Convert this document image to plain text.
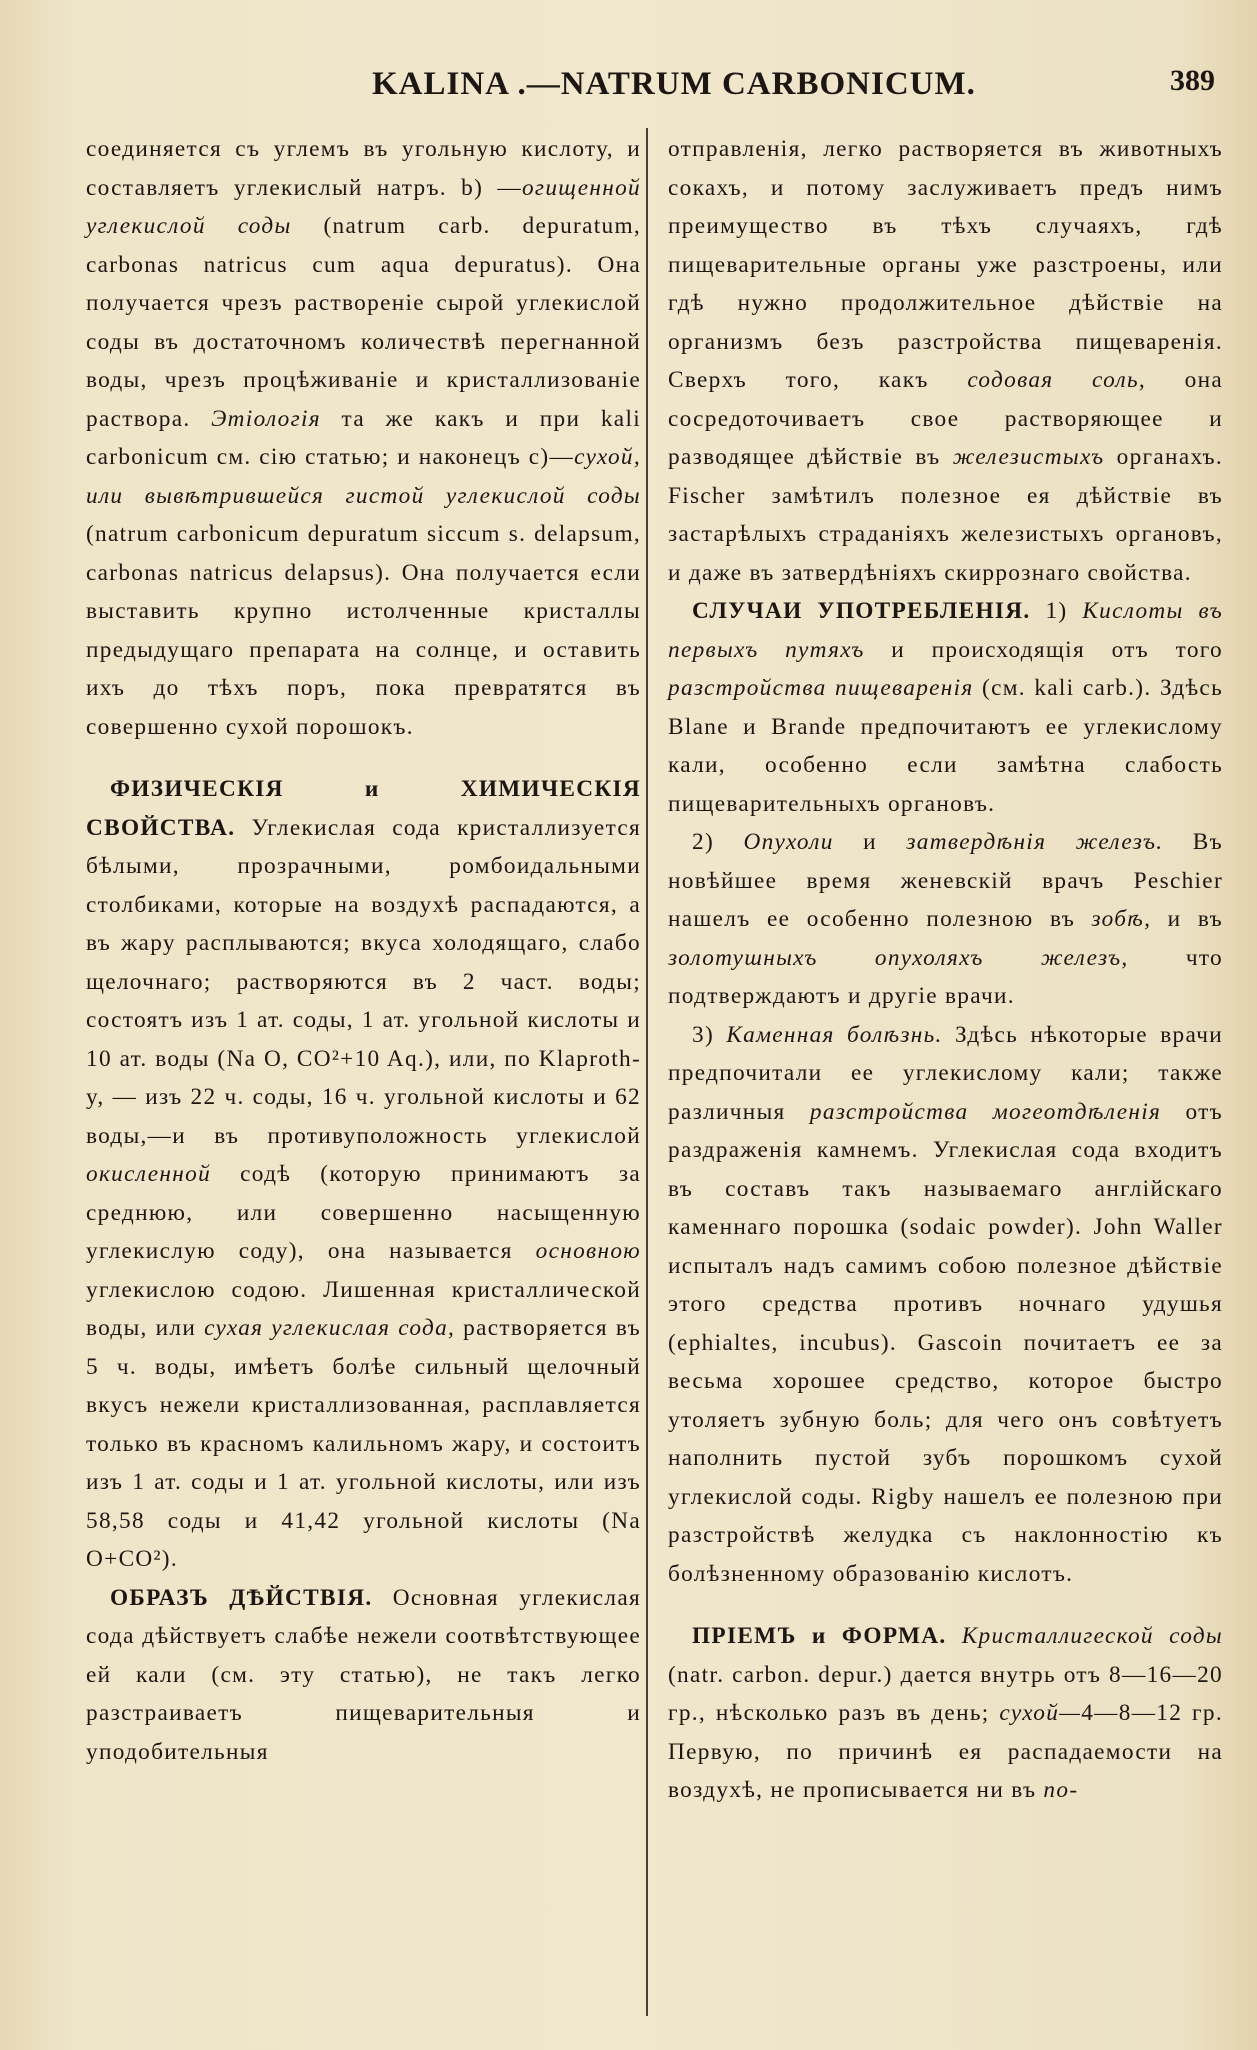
KALINA .—NATRUM CARBONICUM.	389

соединяется съ углемъ въ угольную кислоту, и составляетъ углекислый натръ. b) —огищенной углекислой соды (natrum carb. depuratum, carbonas natricus cum aqua depuratus). Она получается чрезъ раствореніе сырой углекислой соды въ достаточномъ количествѣ перегнанной воды, чрезъ процѣживаніе и кристаллизованіе раствора. Этіологія та же какъ и при kali carbonicum см. сію статью; и наконецъ с)—сухой, или вывѣтрившейся гистой углекислой соды (natrum carbonicum depuratum siccum s. delapsum, carbonas natricus delapsus). Она получается если выставить крупно истолченные кристаллы предыдущаго препарата на солнце, и оставить ихъ до тѣхъ поръ, пока превратятся въ совершенно сухой порошокъ.

ФИЗИЧЕСКІЯ и ХИМИЧЕСКІЯ СВОЙСТВА. Углекислая сода кристаллизуется бѣлыми, прозрачными, ромбоидальными столбиками, которые на воздухѣ распадаются, а въ жару расплываются; вкуса холодящаго, слабо щелочнаго; растворяются въ 2 част. воды; состоятъ изъ 1 ат. соды, 1 ат. угольной кислоты и 10 ат. воды (Na O, CO²+10 Aq.), или, по Klaproth-y, — изъ 22 ч. соды, 16 ч. угольной кислоты и 62 воды,—и въ противуположность углекислой окисленной содѣ (которую принимаютъ за среднюю, или совершенно насыщенную углекислую соду), она называется основною углекислою содою. Лишенная кристаллической воды, или сухая углекислая сода, растворяется въ 5 ч. воды, имѣетъ болѣе сильный щелочный вкусъ нежели кристаллизованная, расплавляется только въ красномъ калильномъ жару, и состоитъ изъ 1 ат. соды и 1 ат. угольной кислоты, или изъ 58,58 соды и 41,42 угольной кислоты (Na O+CO²).

ОБРАЗЪ ДѢЙСТВІЯ. Основная углекислая сода дѣйствуетъ слабѣе нежели соотвѣтствующее ей кали (см. эту статью), не такъ легко разстраиваетъ пищеварительныя и уподобительныя

отправленія, легко растворяется въ животныхъ сокахъ, и потому заслуживаетъ предъ нимъ преимущество въ тѣхъ случаяхъ, гдѣ пищеварительные органы уже разстроены, или гдѣ нужно продолжительное дѣйствіе на организмъ безъ разстройства пищеваренія. Сверхъ того, какъ содовая соль, она сосредоточиваетъ свое растворяющее и разводящее дѣйствіе въ железистыхъ органахъ. Fischer замѣтилъ полезное ея дѣйствіе въ застарѣлыхъ страданіяхъ железистыхъ органовъ, и даже въ затвердѣніяхъ скиррознаго свойства.

СЛУЧАИ УПОТРЕБЛЕНІЯ. 1) Кислоты въ первыхъ путяхъ и происходящія отъ того разстройства пищеваренія (см. kali carb.). Здѣсь Blane и Brande предпочитаютъ ее углекислому кали, особенно если замѣтна слабость пищеварительныхъ органовъ.

2) Опухоли и затвердѣнія железъ. Въ новѣйшее время женевскій врачъ Peschier нашелъ ее особенно полезною въ зобѣ, и въ золотушныхъ опухоляхъ железъ, что подтверждаютъ и другіе врачи.

3) Каменная болѣзнь. Здѣсь нѣкоторые врачи предпочитали ее углекислому кали; также различныя разстройства могеотдѣленія отъ раздраженія камнемъ. Углекислая сода входитъ въ составъ такъ называемаго англійскаго каменнаго порошка (sodaic powder). John Waller испыталъ надъ самимъ собою полезное дѣйствіе этого средства противъ ночнаго удушья (ephialtes, incubus). Gascoin почитаетъ ее за весьма хорошее средство, которое быстро утоляетъ зубную боль; для чего онъ совѣтуетъ наполнить пустой зубъ порошкомъ сухой углекислой соды. Rigby нашелъ ее полезною при разстройствѣ желудка съ наклонностію къ болѣзненному образованію кислотъ.

ПРІЕМЪ и ФОРМА. Кристаллигеской соды (natr. carbon. depur.) дается внутрь отъ 8—16—20 гр., нѣсколько разъ въ день; сухой—4—8—12 гр. Первую, по причинѣ ея распадаемости на воздухѣ, не прописывается ни въ по-
